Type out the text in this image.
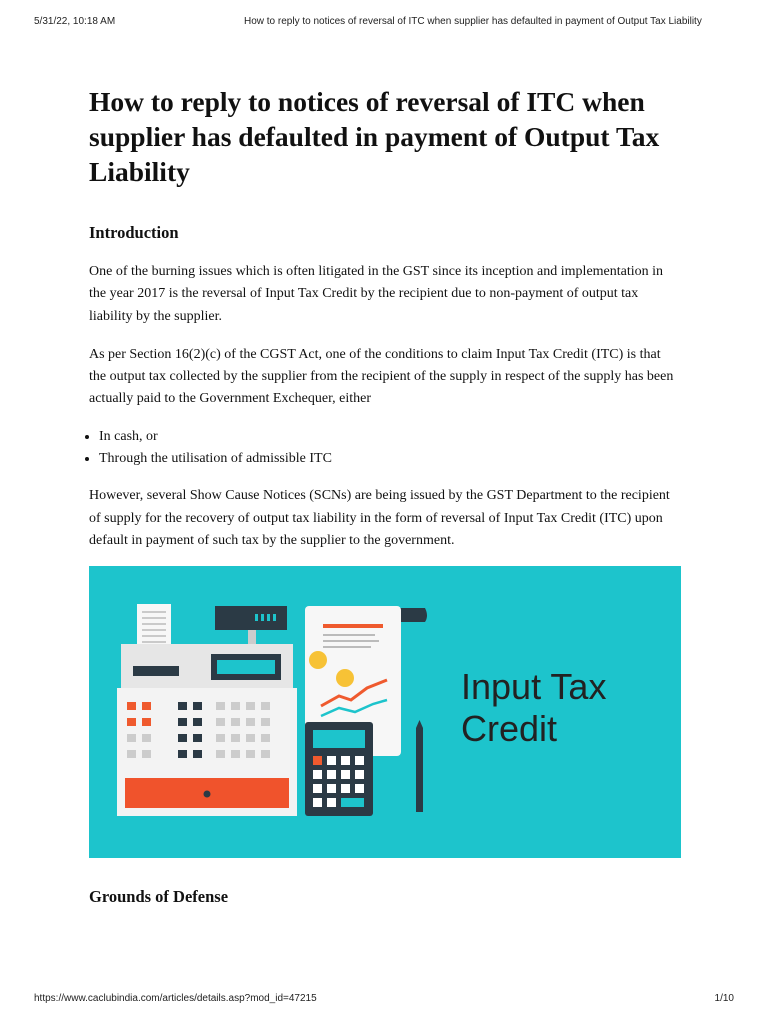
5/31/22, 10:18 AM	How to reply to notices of reversal of ITC when supplier has defaulted in payment of Output Tax Liability
How to reply to notices of reversal of ITC when supplier has defaulted in payment of Output Tax Liability
Introduction

One of the burning issues which is often litigated in the GST since its inception and implementation in the year 2017 is the reversal of Input Tax Credit by the recipient due to non-payment of output tax liability by the supplier.

As per Section 16(2)(c) of the CGST Act, one of the conditions to claim Input Tax Credit (ITC) is that the output tax collected by the supplier from the recipient of the supply in respect of the supply has been actually paid to the Government Exchequer, either

• In cash, or
• Through the utilisation of admissible ITC

However, several Show Cause Notices (SCNs) are being issued by the GST Department to the recipient of supply for the recovery of output tax liability in the form of reversal of Input Tax Credit (ITC) upon default in payment of such tax by the supplier to the government.

Input Tax
Credit
Grounds of Defense
https://www.caclubindia.com/articles/details.asp?mod_id=47215	1/10
